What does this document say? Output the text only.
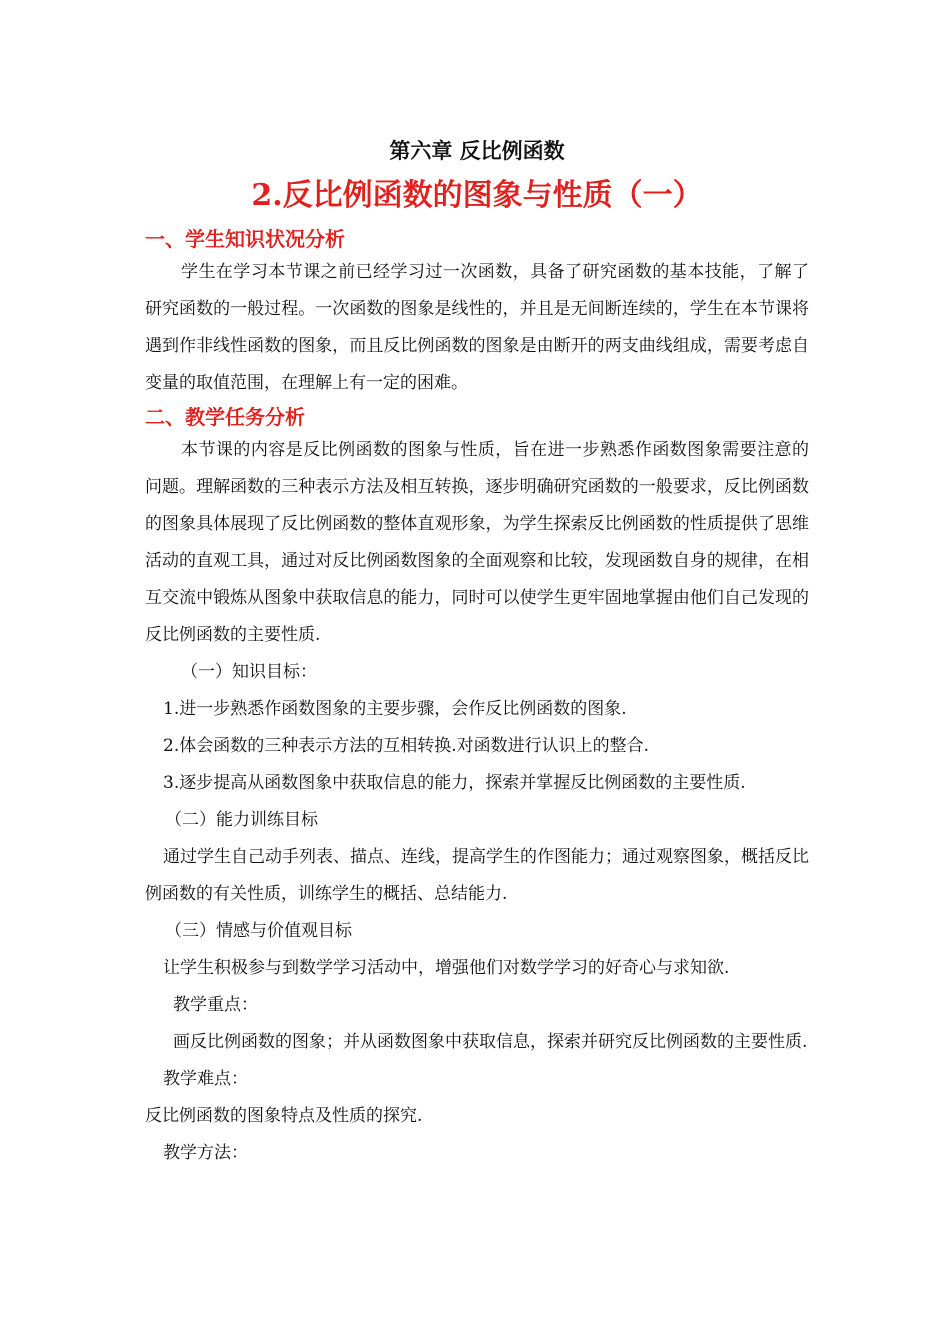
第六章 反比例函数
2.反比例函数的图象与性质（一）
一、学生知识状况分析

学生在学习本节课之前已经学习过一次函数，具备了研究函数的基本技能，了解了研究函数的一般过程。一次函数的图象是线性的，并且是无间断连续的，学生在本节课将遇到作非线性函数的图象，而且反比例函数的图象是由断开的两支曲线组成，需要考虑自变量的取值范围，在理解上有一定的困难。

二、教学任务分析

本节课的内容是反比例函数的图象与性质，旨在进一步熟悉作函数图象需要注意的问题。理解函数的三种表示方法及相互转换，逐步明确研究函数的一般要求，反比例函数的图象具体展现了反比例函数的整体直观形象，为学生探索反比例函数的性质提供了思维活动的直观工具，通过对反比例函数图象的全面观察和比较，发现函数自身的规律，在相互交流中锻炼从图象中获取信息的能力，同时可以使学生更牢固地掌握由他们自己发现的反比例函数的主要性质.

（一）知识目标：

1.进一步熟悉作函数图象的主要步骤，会作反比例函数的图象.

2.体会函数的三种表示方法的互相转换.对函数进行认识上的整合.

3.逐步提高从函数图象中获取信息的能力，探索并掌握反比例函数的主要性质.

（二）能力训练目标

通过学生自己动手列表、描点、连线，提高学生的作图能力；通过观察图象，概括反比例函数的有关性质，训练学生的概括、总结能力.

（三）情感与价值观目标

让学生积极参与到数学学习活动中，增强他们对数学学习的好奇心与求知欲.

教学重点：

画反比例函数的图象；并从函数图象中获取信息，探索并研究反比例函数的主要性质.

教学难点：

反比例函数的图象特点及性质的探究.

教学方法：
